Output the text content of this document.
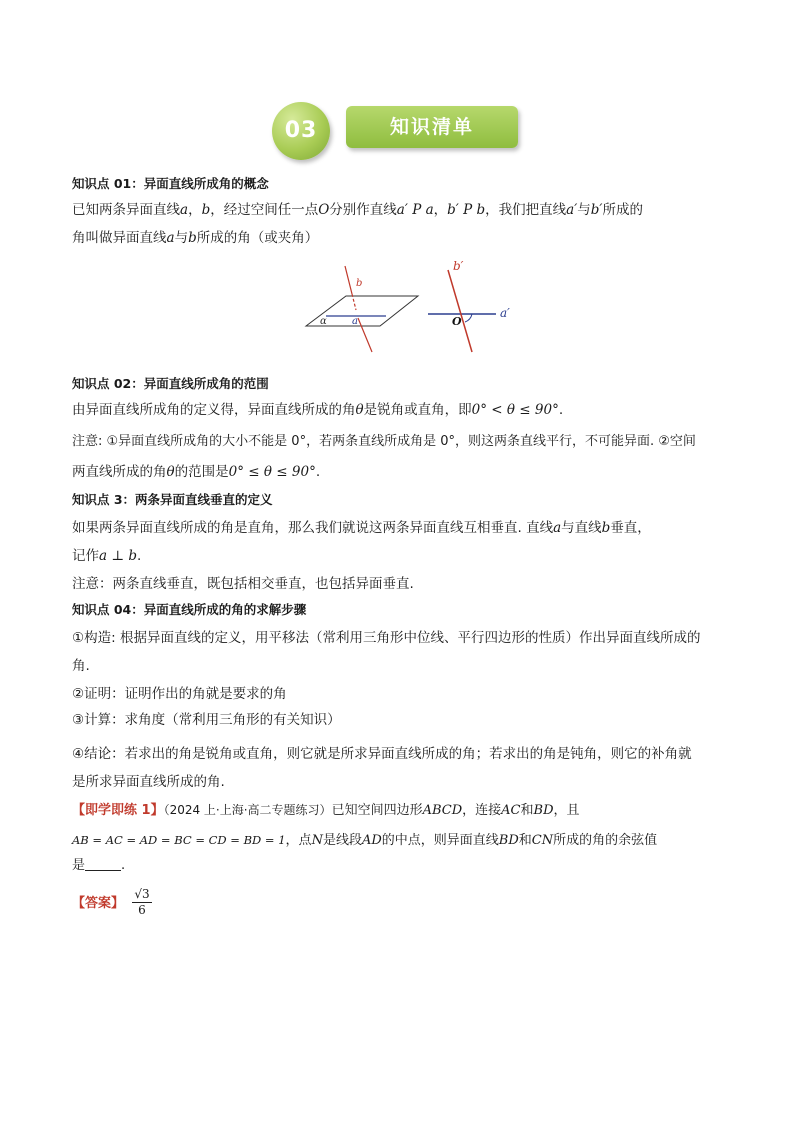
03	知识清单
知识点 01：异面直线所成角的概念
已知两条异面直线a，b，经过空间任一点O分别作直线a′ P a，b′ P b，我们把直线a′与b′所成的
角叫做异面直线a与b所成的角（或夹角）
b
α	a
b′
O
a′
知识点 02：异面直线所成角的范围
由异面直线所成角的定义得，异面直线所成的角θ是锐角或直角，即0° < θ ≤ 90°.
注意: ①异面直线所成角的大小不能是 0°，若两条直线所成角是 0°，则这两条直线平行，不可能异面. ②空间
两直线所成的角θ的范围是0° ≤ θ ≤ 90°.
知识点 3：两条异面直线垂直的定义
如果两条异面直线所成的角是直角，那么我们就说这两条异面直线互相垂直. 直线a与直线b垂直，
记作a ⊥ b.
注意：两条直线垂直，既包括相交垂直，也包括异面垂直.
知识点 04：异面直线所成的角的求解步骤
①构造: 根据异面直线的定义，用平移法（常利用三角形中位线、平行四边形的性质）作出异面直线所成的
角.
②证明：证明作出的角就是要求的角
③计算：求角度（常利用三角形的有关知识）
④结论：若求出的角是锐角或直角，则它就是所求异面直线所成的角；若求出的角是钝角，则它的补角就
是所求异面直线所成的角.
【即学即练 1】（2024 上·上海·高二专题练习）已知空间四边形ABCD，连接AC和BD，且
AB = AC = AD = BC = CD = BD = 1，点N是线段AD的中点，则异面直线BD和CN所成的角的余弦值
是	.
【答案】 $\frac{√3}{6}$
